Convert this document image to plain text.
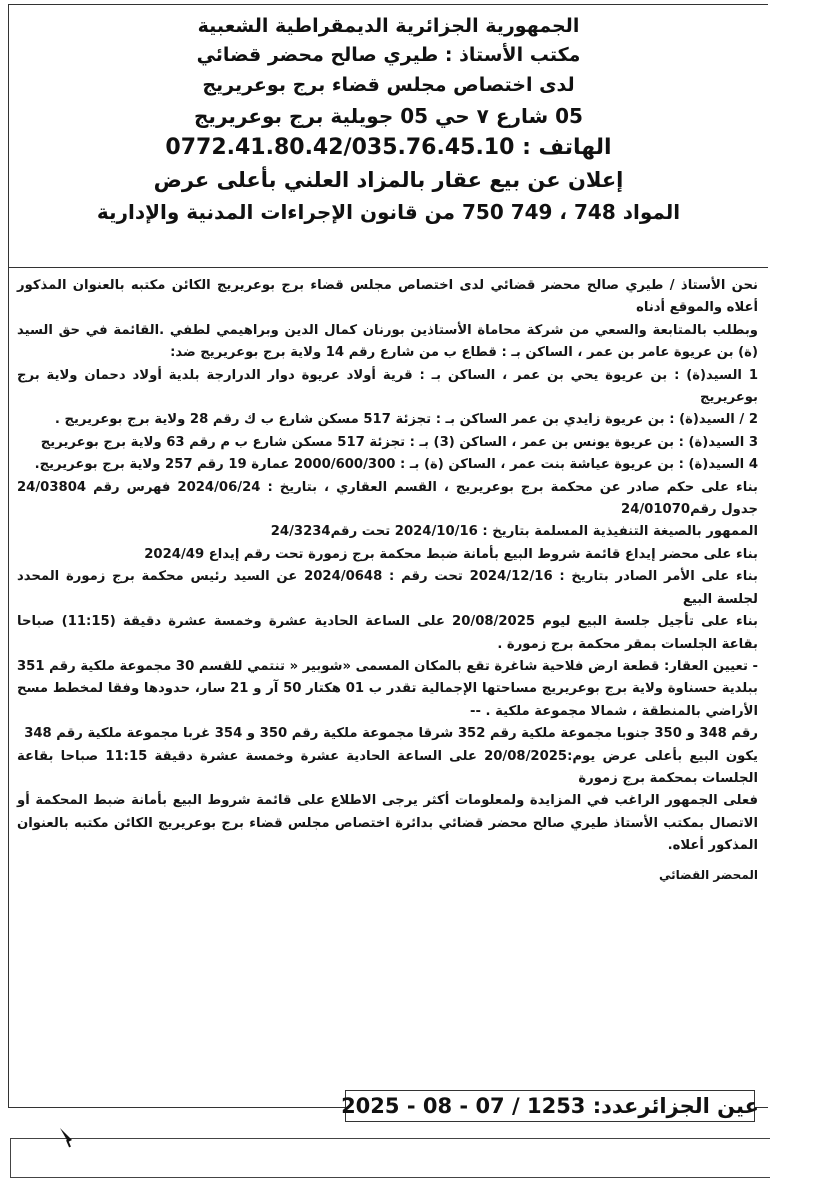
الجمهورية الجزائرية الديمقراطية الشعبية
مكتب الأستاذ : طيري صالح محضر قضائي
لدى اختصاص مجلس قضاء برج بوعريريج
05 شارع ٧ حي 05 جويلية برج بوعريريج
الهاتف : 0772.41.80.42/035.76.45.10
إعلان عن بيع عقار بالمزاد العلني بأعلى عرض
المواد 748 ، 749 750 من قانون الإجراءات المدنية والإدارية

نحن الأستاذ / طيري صالح محضر قضائي لدى اختصاص مجلس قضاء برج بوعريريج الكائن مكتبه بالعنوان المذكور أعلاه والموقع أدناه

وبطلب بالمتابعة والسعي من شركة محاماة الأستاذين بورنان كمال الدين وبراهيمي لطفي .القائمة في حق السيد (ة) بن عريوة عامر بن عمر ، الساكن بـ : قطاع ب من شارع رقم 14 ولاية برج بوعريريج ضد:

1 السيد(ة) : بن عريوة يحي بن عمر ، الساكن بـ : قرية أولاد عريوة دوار الدرارجة بلدية أولاد دحمان ولاية برج بوعريريج

2 / السيد(ة) : بن عريوة زايدي بن عمر الساكن بـ : تجزئة 517 مسكن شارع ب ك رقم 28 ولاية برج بوعريريج .

3 السيد(ة) : بن عريوة يونس بن عمر ، الساكن (3) بـ : تجزئة 517 مسكن شارع ب م رقم 63 ولاية برج بوعريريج

4 السيد(ة) : بن عريوة عياشة بنت عمر ، الساكن (ة) بـ : 2000/600/300 عمارة 19 رقم 257 ولاية برج بوعريريج.

بناء على حكم صادر عن محكمة برج بوعريريج ، القسم العقاري ، بتاريخ : 2024/06/24 فهرس رقم 24/03804 جدول رقم24/01070

الممهور بالصيغة التنفيذية المسلمة بتاريخ : 2024/10/16 تحت رقم24/3234

بناء على محضر إيداع قائمة شروط البيع بأمانة ضبط محكمة برج زمورة تحت رقم إيداع 2024/49

بناء على الأمر الصادر بتاريخ : 2024/12/16 تحت رقم : 2024/0648 عن السيد رئيس محكمة برج زمورة المحدد لجلسة البيع

بناء على تأجيل جلسة البيع ليوم 20/08/2025 على الساعة الحادية عشرة وخمسة عشرة دقيقة (11:15) صباحا بقاعة الجلسات بمقر محكمة برج زمورة .

- تعيين العقار: قطعة ارض فلاحية شاغرة تقع بالمكان المسمى «شوبير « تنتمي للقسم 30 مجموعة ملكية رقم 351 ببلدية حسناوة ولاية برج بوعريريج مساحتها الإجمالية تقدر ب 01 هكتار 50 آر و 21 سار، حدودها وفقا لمخطط مسح الأراضي بالمنطقة ، شمالا مجموعة ملكية . --

رقم 348 و 350 جنوبا مجموعة ملكية رقم 352 شرقا مجموعة ملكية رقم 350 و 354 غربا مجموعة ملكية رقم 348

يكون البيع بأعلى عرض يوم:20/08/2025 على الساعة الحادية عشرة وخمسة عشرة دقيقة 11:15 صباحا بقاعة الجلسات بمحكمة برج زمورة

فعلى الجمهور الراغب في المزايدة ولمعلومات أكثر يرجى الاطلاع على قائمة شروط البيع بأمانة ضبط المحكمة أو الاتصال بمكتب الأستاذ طيري صالح محضر قضائي بدائرة اختصاص مجلس قضاء برج بوعريريج الكائن مكتبه بالعنوان المذكور أعلاه.

المحضر القضائي

عين الجزائرعدد: 1253 / 07 - 08 - 2025
